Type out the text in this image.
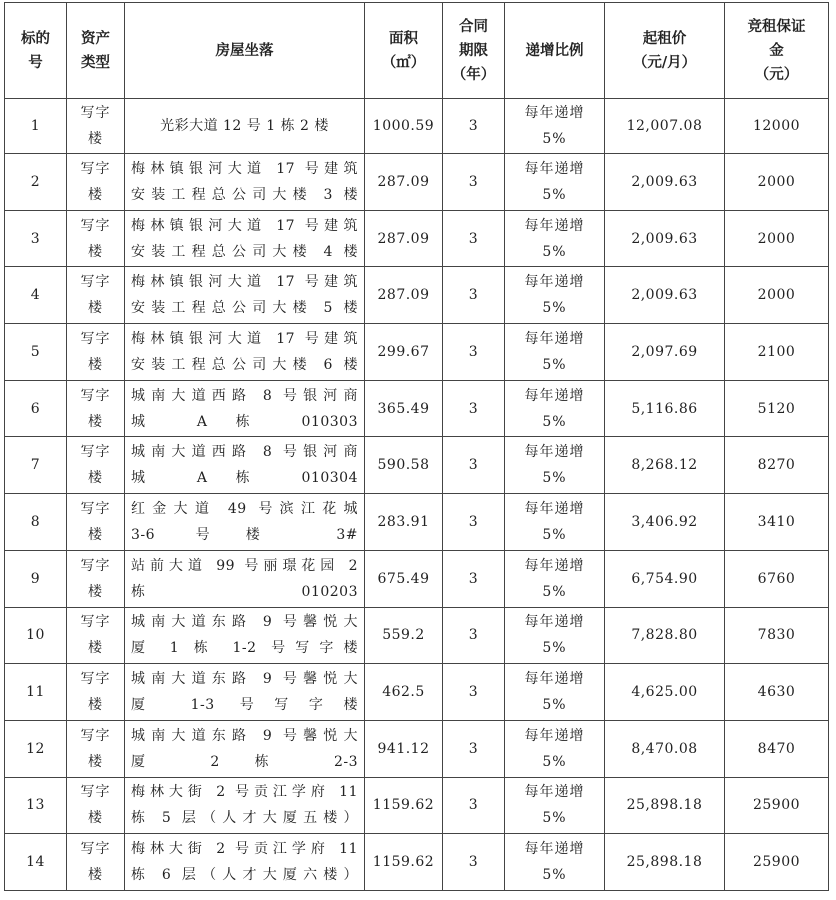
标的
号	资产
类型	房屋坐落	面积
（㎡）	合同
期限
（年）	递增比例	起租价
（元/月）	竞租保证
金
（元）

1	写字
楼	光彩大道 12 号 1 栋 2 楼	1000.59	3	每年递增
5%	12,007.08	12000
2	写字
楼	梅林镇银河大道 17 号建筑
安装工程总公司大楼 3 楼	287.09	3	每年递增
5%	2,009.63	2000
3	写字
楼	梅林镇银河大道 17 号建筑
安装工程总公司大楼 4 楼	287.09	3	每年递增
5%	2,009.63	2000
4	写字
楼	梅林镇银河大道 17 号建筑
安装工程总公司大楼 5 楼	287.09	3	每年递增
5%	2,009.63	2000
5	写字
楼	梅林镇银河大道 17 号建筑
安装工程总公司大楼 6 楼	299.67	3	每年递增
5%	2,097.69	2100
6	写字
楼	城南大道西路 8 号银河商
城 A 栋 010303	365.49	3	每年递增
5%	5,116.86	5120
7	写字
楼	城南大道西路 8 号银河商
城 A 栋 010304	590.58	3	每年递增
5%	8,268.12	8270
8	写字
楼	红金大道 49 号滨江花城
3-6 号楼 3#	283.91	3	每年递增
5%	3,406.92	3410
9	写字
楼	站前大道 99 号丽璟花园 2
栋 010203	675.49	3	每年递增
5%	6,754.90	6760
10	写字
楼	城南大道东路 9 号馨悦大
厦 1 栋 1-2 号写字楼	559.2	3	每年递增
5%	7,828.80	7830
11	写字
楼	城南大道东路 9 号馨悦大
厦 1-3 号写字楼	462.5	3	每年递增
5%	4,625.00	4630
12	写字
楼	城南大道东路 9 号馨悦大
厦 2 栋 2-3	941.12	3	每年递增
5%	8,470.08	8470
13	写字
楼	梅林大街 2 号贡江学府 11
栋 5 层（人才大厦五楼）	1159.62	3	每年递增
5%	25,898.18	25900
14	写字
楼	梅林大街 2 号贡江学府 11
栋 6 层（人才大厦六楼）	1159.62	3	每年递增
5%	25,898.18	25900
